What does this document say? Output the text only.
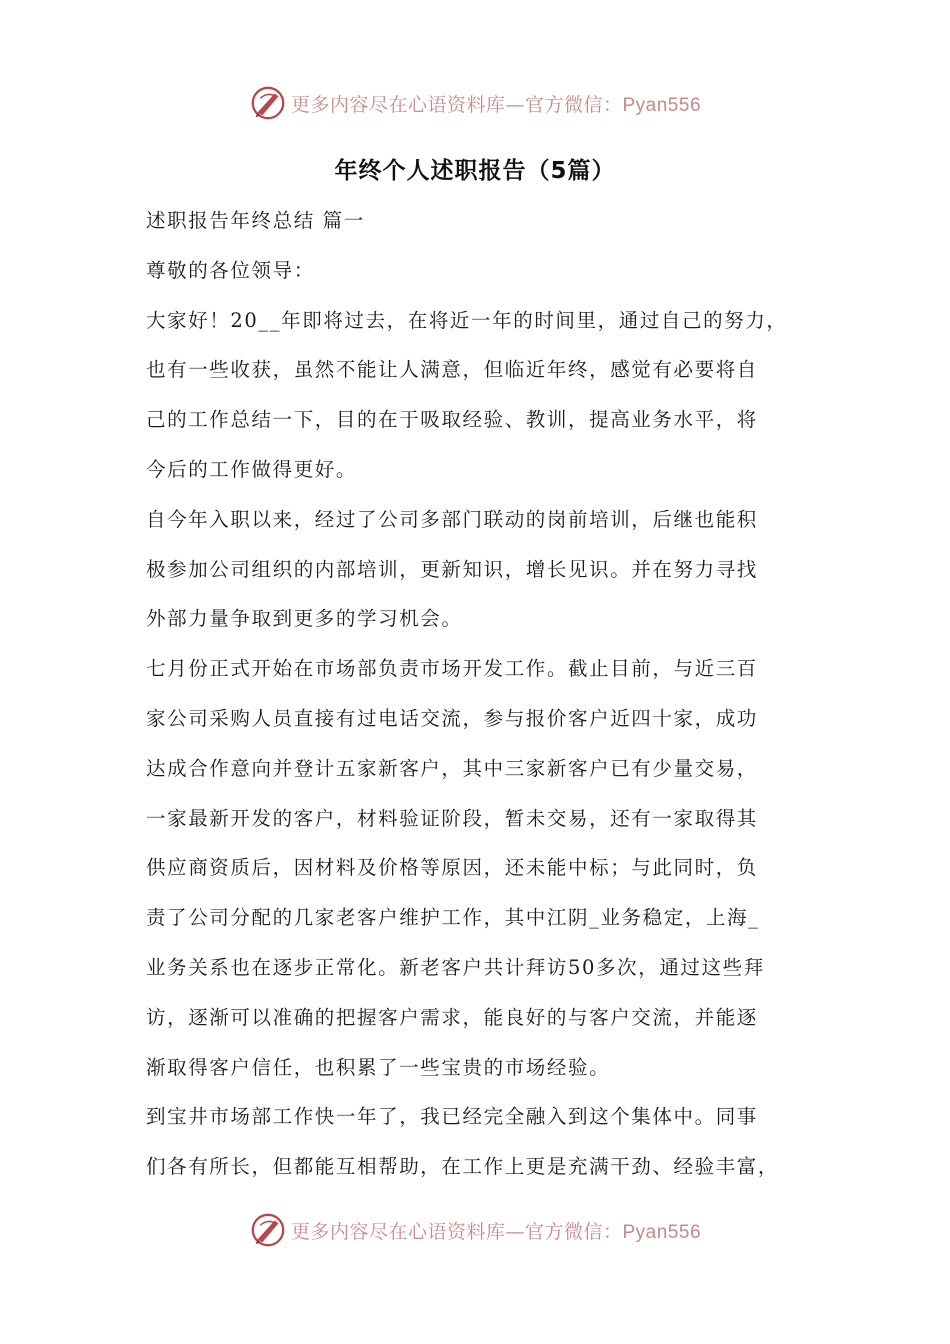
更多内容尽在心语资料库—官方微信：Pyan556
年终个人述职报告（5篇）
述职报告年终总结 篇一
尊敬的各位领导：
大家好！20__年即将过去，在将近一年的时间里，通过自己的努力，
也有一些收获，虽然不能让人满意，但临近年终，感觉有必要将自
己的工作总结一下，目的在于吸取经验、教训，提高业务水平，将
今后的工作做得更好。
自今年入职以来，经过了公司多部门联动的岗前培训，后继也能积
极参加公司组织的内部培训，更新知识，增长见识。并在努力寻找
外部力量争取到更多的学习机会。
七月份正式开始在市场部负责市场开发工作。截止目前，与近三百
家公司采购人员直接有过电话交流，参与报价客户近四十家，成功
达成合作意向并登计五家新客户，其中三家新客户已有少量交易，
一家最新开发的客户，材料验证阶段，暂未交易，还有一家取得其
供应商资质后，因材料及价格等原因，还未能中标；与此同时，负
责了公司分配的几家老客户维护工作，其中江阴_业务稳定，上海_
业务关系也在逐步正常化。新老客户共计拜访50多次，通过这些拜
访，逐渐可以准确的把握客户需求，能良好的与客户交流，并能逐
渐取得客户信任，也积累了一些宝贵的市场经验。
到宝井市场部工作快一年了，我已经完全融入到这个集体中。同事
们各有所长，但都能互相帮助，在工作上更是充满干劲、经验丰富，
更多内容尽在心语资料库—官方微信：Pyan556
